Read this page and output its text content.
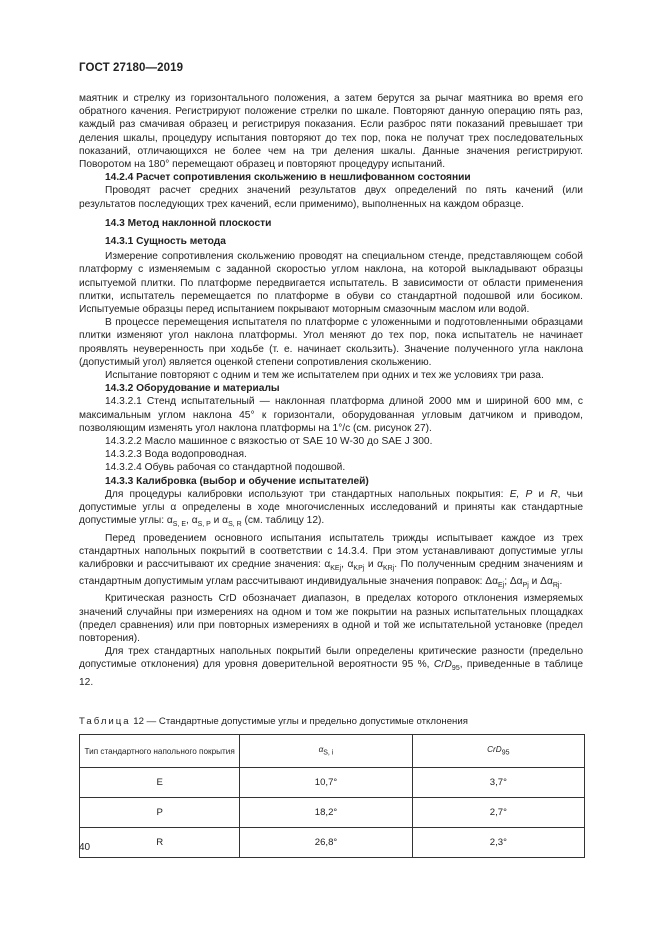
ГОСТ 27180—2019

маятник и стрелку из горизонтального положения, а затем берутся за рычаг маятника во время его обратного качения. Регистрируют положение стрелки по шкале. Повторяют данную операцию пять раз, каждый раз смачивая образец и регистрируя показания. Если разброс пяти показаний превышает три деления шкалы, процедуру испытания повторяют до тех пор, пока не получат трех последовательных показаний, отличающихся не более чем на три деления шкалы. Данные значения регистрируют. Поворотом на 180° перемещают образец и повторяют процедуру испытаний.

14.2.4 Расчет сопротивления скольжению в нешлифованном состоянии

Проводят расчет средних значений результатов двух определений по пять качений (или результатов последующих трех качений, если применимо), выполненных на каждом образце.

14.3 Метод наклонной плоскости

14.3.1 Сущность метода

Измерение сопротивления скольжению проводят на специальном стенде, представляющем собой платформу с изменяемым с заданной скоростью углом наклона, на которой выкладывают образцы испытуемой плитки. По платформе передвигается испытатель. В зависимости от области применения плитки, испытатель перемещается по платформе в обуви со стандартной подошвой или босиком. Испытуемые образцы перед испытанием покрывают моторным смазочным маслом или водой.

В процессе перемещения испытателя по платформе с уложенными и подготовленными образцами плитки изменяют угол наклона платформы. Угол меняют до тех пор, пока испытатель не начинает проявлять неуверенность при ходьбе (т. е. начинает скользить). Значение полученного угла наклона (допустимый угол) является оценкой степени сопротивления скольжению.

Испытание повторяют с одним и тем же испытателем при одних и тех же условиях три раза.

14.3.2 Оборудование и материалы

14.3.2.1 Стенд испытательный — наклонная платформа длиной 2000 мм и шириной 600 мм, с максимальным углом наклона 45° к горизонтали, оборудованная угловым датчиком и приводом, позволяющим изменять угол наклона платформы на 1°/с (см. рисунок 27).

14.3.2.2 Масло машинное с вязкостью от SAE 10 W-30 до SAE J 300.

14.3.2.3 Вода водопроводная.

14.3.2.4 Обувь рабочая со стандартной подошвой.

14.3.3 Калибровка (выбор и обучение испытателей)

Для процедуры калибровки используют три стандартных напольных покрытия: E, P и R, чьи допустимые углы α определены в ходе многочисленных исследований и приняты как стандартные допустимые углы: $\alpha_{S, E}$, $\alpha_{S, P}$ и $\alpha_{S, R}$ (см. таблицу 12).

Перед проведением основного испытания испытатель трижды испытывает каждое из трех стандартных напольных покрытий в соответствии с 14.3.4. При этом устанавливают допустимые углы калибровки и рассчитывают их средние значения: $\alpha_{KEj}$, $\alpha_{KPj}$ и $\alpha_{KRj}$. По полученным средним значениям и стандартным допустимым углам рассчитывают индивидуальные значения поправок: $\Delta\alpha_{Ej}$; $\Delta\alpha_{Pj}$ и $\Delta\alpha_{Rj}$.

Критическая разность CrD обозначает диапазон, в пределах которого отклонения измеряемых значений случайны при измерениях на одном и том же покрытии на разных испытательных площадках (предел сравнения) или при повторных измерениях в одной и той же испытательной установке (предел повторения).

Для трех стандартных напольных покрытий были определены критические разности (предельно допустимые отклонения) для уровня доверительной вероятности 95 %, CrD$_{95}$, приведенные в таблице 12.

Таблица 12 — Стандартные допустимые углы и предельно допустимые отклонения
Тип стандартного напольного покрытия	$\alpha_{S, i}$	CrD$_{95}$
E	10,7°	3,7°
P	18,2°	2,7°
R	26,8°	2,3°
40
